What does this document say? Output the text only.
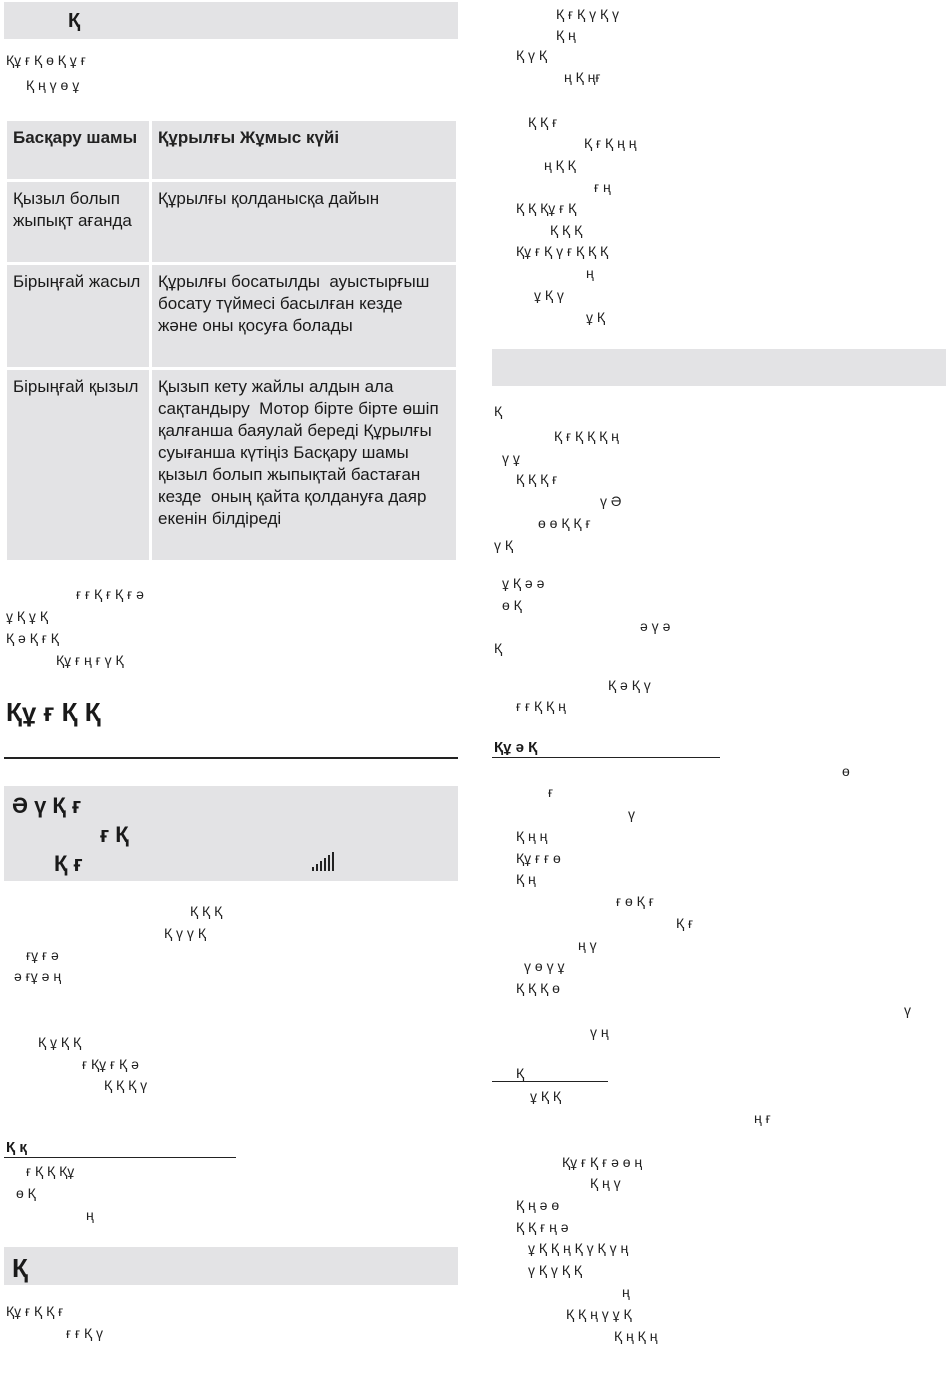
Қ
Құ ғ Қ ө Қ ұ ғ
Қ ң ү ө ұ
Басқару шамы	Құрылғы Жұмыс күйі
Қызыл болып жыпықт ағанда	Құрылғы қолданысқа дайын
Бірыңғай жасыл	Құрылғы босатылды  ауыстырғыш босату түймесі басылған кезде  және оны қосуға болады
Бірыңғай қызыл	Қызып кету жайлы алдын ала сақтандыру  Мотор бірте бірте өшіп қалғанша баяулай береді Құрылғы суығанша күтіңіз Басқару шамы қызыл болып жыпықтай бастаған кезде  оның қайта қолдануға даяр екенін білдіреді
ғ ғ Қ ғ Қ ғ ə
ұ Қ ұ Қ
Қ ə Қ ғ Қ
Құ ғ ң ғ ү Қ
Құ ғ Қ Қ
Ə ү Қ ғ
ғ Қ
Қ ғ
Қ Қ Қ
Қ ү ү Қ
ғұ ғ ə
ə ғұ ə ң
Қ ұ Қ Қ
ғ Құ ғ Қ ə
Қ Қ Қ ү
Қ қ
ғ Қ Қ Құ
ө Қ
ң
Қ
Құ ғ Қ Қ ғ
ғ ғ Қ ү
Қ ғ Қ ү Қ ү
Қ ң
Қ ү Қ
ң Қ ңғ
Қ Қ ғ
Қ ғ Қ ң ң
ң Қ Қ
ғ ң
Қ Қ Құ ғ Қ
Қ Қ Қ
Құ ғ Қ ү ғ Қ Қ Қ
ң
ұ Қ ү
ұ Қ
Қ
Қ ғ Қ Қ Қ ң
ү ұ
Қ Қ Қ ғ
ү Ə
ө ө Қ Қ ғ
ү Қ
ұ Қ ə ə
ө Қ
ə ү ə
Қ
Қ ə Қ ү
ғ ғ Қ Қ ң
Құ ə Қ
ө
ғ
ү
Қ ң ң
Құ ғ ғ ө
Қ ң
ғ ө Қ ғ
Қ ғ
ң ү
ү ө ү ұ
Қ Қ Қ ө
ү
ү ң
Қ
ұ Қ Қ
ң ғ
Құ ғ Қ ғ ə ө ң
Қ ң ү
Қ ң ə ө
Қ Қ ғ ң ə
ұ Қ Қ ң Қ ү Қ ү ң
ү Қ ү Қ Қ
ң
Қ Қ ң ү ұ Қ
Қ ң Қ ң
